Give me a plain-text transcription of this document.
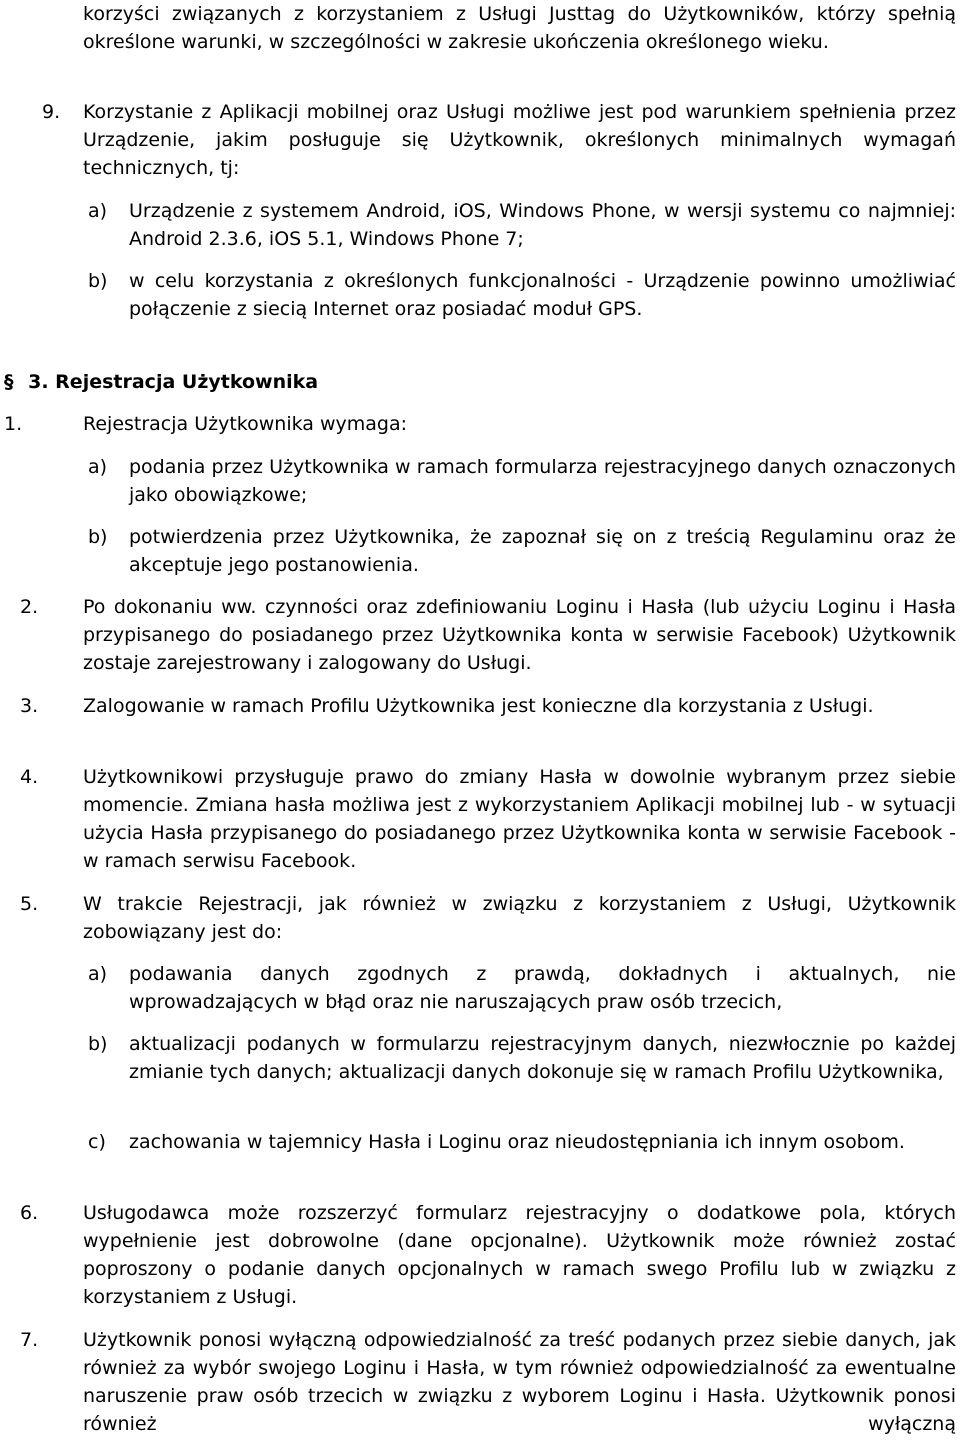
korzyści związanych z korzystaniem z Usługi Justtag do Użytkowników, którzy spełnią określone warunki, w szczególności w zakresie ukończenia określonego wieku.

9. Korzystanie z Aplikacji mobilnej oraz Usługi możliwe jest pod warunkiem spełnienia przez Urządzenie, jakim posługuje się Użytkownik, określonych minimalnych wymagań technicznych, tj:

a) Urządzenie z systemem Android, iOS, Windows Phone, w wersji systemu co najmniej: Android 2.3.6, iOS 5.1, Windows Phone 7;

b) w celu korzystania z określonych funkcjonalności - Urządzenie powinno umożliwiać połączenie z siecią Internet oraz posiadać moduł GPS.

§ 3. Rejestracja Użytkownika
1.	Rejestracja Użytkownika wymaga:

a) podania przez Użytkownika w ramach formularza rejestracyjnego danych oznaczonych jako obowiązkowe;

b) potwierdzenia przez Użytkownika, że zapoznał się on z treścią Regulaminu oraz że akceptuje jego postanowienia.

2. Po dokonaniu ww. czynności oraz zdefiniowaniu Loginu i Hasła (lub użyciu Loginu i Hasła przypisanego do posiadanego przez Użytkownika konta w serwisie Facebook) Użytkownik zostaje zarejestrowany i zalogowany do Usługi.

3. Zalogowanie w ramach Profilu Użytkownika jest konieczne dla korzystania z Usługi.

4. Użytkownikowi przysługuje prawo do zmiany Hasła w dowolnie wybranym przez siebie momencie. Zmiana hasła możliwa jest z wykorzystaniem Aplikacji mobilnej lub - w sytuacji użycia Hasła przypisanego do posiadanego przez Użytkownika konta w serwisie Facebook - w ramach serwisu Facebook.

5. W trakcie Rejestracji, jak również w związku z korzystaniem z Usługi, Użytkownik zobowiązany jest do:

a) podawania danych zgodnych z prawdą, dokładnych i aktualnych, nie wprowadzających w błąd oraz nie naruszających praw osób trzecich,

b) aktualizacji podanych w formularzu rejestracyjnym danych, niezwłocznie po każdej zmianie tych danych; aktualizacji danych dokonuje się w ramach Profilu Użytkownika,

c) zachowania w tajemnicy Hasła i Loginu oraz nieudostępniania ich innym osobom.

6. Usługodawca może rozszerzyć formularz rejestracyjny o dodatkowe pola, których wypełnienie jest dobrowolne (dane opcjonalne). Użytkownik może również zostać poproszony o podanie danych opcjonalnych w ramach swego Profilu lub w związku z korzystaniem z Usługi.

7. Użytkownik ponosi wyłączną odpowiedzialność za treść podanych przez siebie danych, jak również za wybór swojego Loginu i Hasła, w tym również odpowiedzialność za ewentualne naruszenie praw osób trzecich w związku z wyborem Loginu i Hasła. Użytkownik ponosi również wyłączną
